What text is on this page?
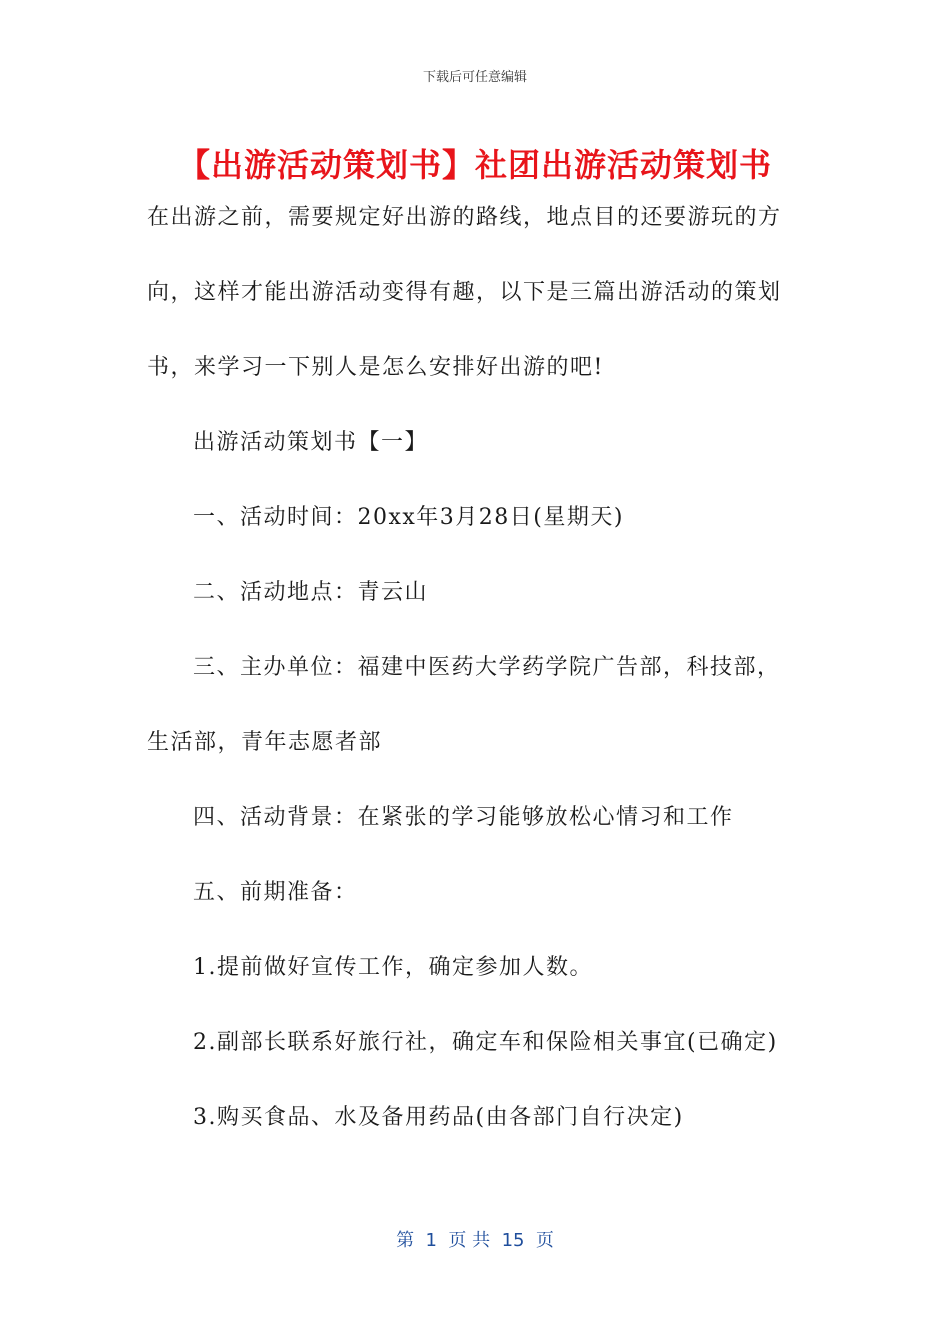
下载后可任意编辑
【出游活动策划书】社团出游活动策划书
在出游之前，需要规定好出游的路线，地点目的还要游玩的方
向，这样才能出游活动变得有趣，以下是三篇出游活动的策划
书，来学习一下别人是怎么安排好出游的吧!
出游活动策划书【一】
一、活动时间：20xx年3月28日(星期天)
二、活动地点：青云山
三、主办单位：福建中医药大学药学院广告部，科技部，
生活部，青年志愿者部
四、活动背景：在紧张的学习能够放松心情习和工作
五、前期准备：
1.提前做好宣传工作，确定参加人数。
2.副部长联系好旅行社，确定车和保险相关事宜(已确定)
3.购买食品、水及备用药品(由各部门自行决定)
第  1  页 共  15  页
